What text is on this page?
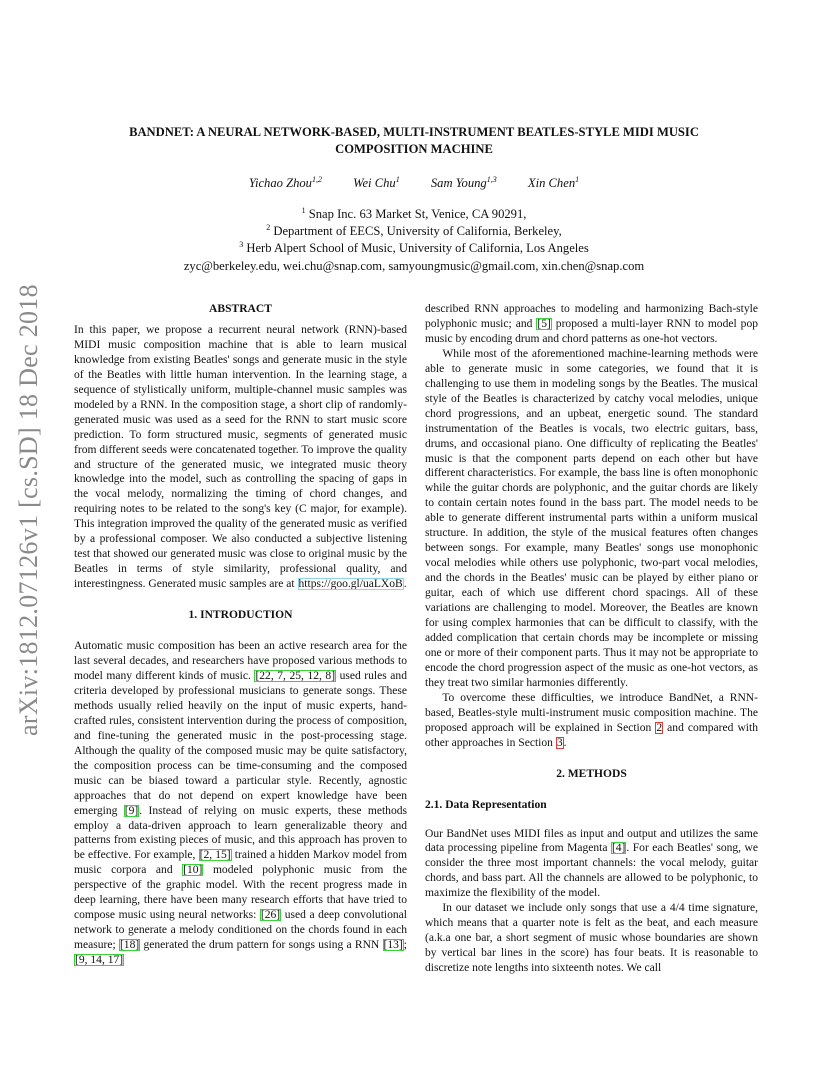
arXiv:1812.07126v1 [cs.SD] 18 Dec 2018
BANDNET: A NEURAL NETWORK-BASED, MULTI-INSTRUMENT BEATLES-STYLE MIDI MUSIC
COMPOSITION MACHINE
Yichao Zhou$^{1,2}$ Wei Chu$^1$ Sam Young$^{1,3}$ Xin Chen$^1$
$^1$ Snap Inc. 63 Market St, Venice, CA 90291,
$^2$ Department of EECS, University of California, Berkeley,
$^3$ Herb Alpert School of Music, University of California, Los Angeles
zyc@berkeley.edu, wei.chu@snap.com, samyoungmusic@gmail.com, xin.chen@snap.com
ABSTRACT

In this paper, we propose a recurrent neural network (RNN)-based MIDI music composition machine that is able to learn musical knowledge from existing Beatles' songs and generate music in the style of the Beatles with little human intervention. In the learning stage, a sequence of stylistically uniform, multiple-channel music samples was modeled by a RNN. In the composition stage, a short clip of randomly-generated music was used as a seed for the RNN to start music score prediction. To form structured music, segments of generated music from different seeds were concatenated together. To improve the quality and structure of the generated music, we integrated music theory knowledge into the model, such as controlling the spacing of gaps in the vocal melody, normalizing the timing of chord changes, and requiring notes to be related to the song's key (C major, for example). This integration improved the quality of the generated music as verified by a professional composer. We also conducted a subjective listening test that showed our generated music was close to original music by the Beatles in terms of style similarity, professional quality, and interestingness. Generated music samples are at https://goo.gl/uaLXoB.

1. INTRODUCTION

Automatic music composition has been an active research area for the last several decades, and researchers have proposed various methods to model many different kinds of music. [22, 7, 25, 12, 8] used rules and criteria developed by professional musicians to generate songs. These methods usually relied heavily on the input of music experts, hand-crafted rules, consistent intervention during the process of composition, and fine-tuning the generated music in the post-processing stage. Although the quality of the composed music may be quite satisfactory, the composition process can be time-consuming and the composed music can be biased toward a particular style. Recently, agnostic approaches that do not depend on expert knowledge have been emerging [9]. Instead of relying on music experts, these methods employ a data-driven approach to learn generalizable theory and patterns from existing pieces of music, and this approach has proven to be effective. For example, [2, 15] trained a hidden Markov model from music corpora and [10] modeled polyphonic music from the perspective of the graphic model. With the recent progress made in deep learning, there have been many research efforts that have tried to compose music using neural networks: [26] used a deep convolutional network to generate a melody conditioned on the chords found in each measure; [18] generated the drum pattern for songs using a RNN [13]; [9, 14, 17]

described RNN approaches to modeling and harmonizing Bach-style polyphonic music; and [5] proposed a multi-layer RNN to model pop music by encoding drum and chord patterns as one-hot vectors.

While most of the aforementioned machine-learning methods were able to generate music in some categories, we found that it is challenging to use them in modeling songs by the Beatles. The musical style of the Beatles is characterized by catchy vocal melodies, unique chord progressions, and an upbeat, energetic sound. The standard instrumentation of the Beatles is vocals, two electric guitars, bass, drums, and occasional piano. One difficulty of replicating the Beatles' music is that the component parts depend on each other but have different characteristics. For example, the bass line is often monophonic while the guitar chords are polyphonic, and the guitar chords are likely to contain certain notes found in the bass part. The model needs to be able to generate different instrumental parts within a uniform musical structure. In addition, the style of the musical features often changes between songs. For example, many Beatles' songs use monophonic vocal melodies while others use polyphonic, two-part vocal melodies, and the chords in the Beatles' music can be played by either piano or guitar, each of which use different chord spacings. All of these variations are challenging to model. Moreover, the Beatles are known for using complex harmonies that can be difficult to classify, with the added complication that certain chords may be incomplete or missing one or more of their component parts. Thus it may not be appropriate to encode the chord progression aspect of the music as one-hot vectors, as they treat two similar harmonies differently.

To overcome these difficulties, we introduce BandNet, a RNN-based, Beatles-style multi-instrument music composition machine. The proposed approach will be explained in Section 2 and compared with other approaches in Section 3.

2. METHODS
2.1. Data Representation

Our BandNet uses MIDI files as input and output and utilizes the same data processing pipeline from Magenta [4]. For each Beatles' song, we consider the three most important channels: the vocal melody, guitar chords, and bass part. All the channels are allowed to be polyphonic, to maximize the flexibility of the model.

In our dataset we include only songs that use a 4/4 time signature, which means that a quarter note is felt as the beat, and each measure (a.k.a one bar, a short segment of music whose boundaries are shown by vertical bar lines in the score) has four beats. It is reasonable to discretize note lengths into sixteenth notes. We call
